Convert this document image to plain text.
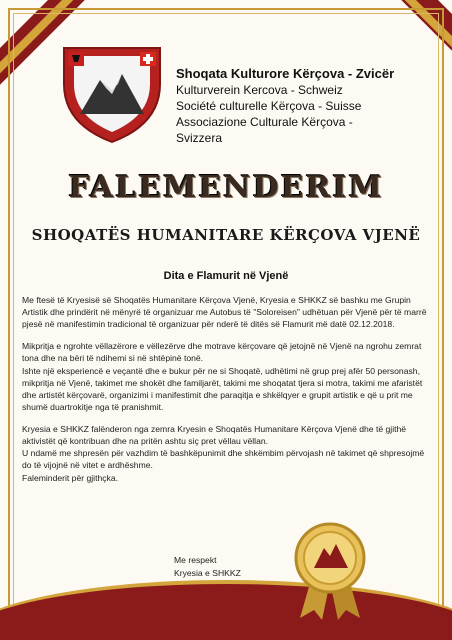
Shoqata Kulturore Kërçova - Zvicër
Kulturverein Kercova - Schweiz
Société culturelle Kërçova - Suisse
Associazione Culturale Kërçova - Svizzera
FALEMENDERIM
SHOQATËS HUMANITARE KËRÇOVA VJENË
Dita e Flamurit në Vjenë

Me ftesë të Kryesisë së Shoqatës Humanitare Kërçova Vjenë, Kryesia e SHKKZ së bashku me Grupin Artistik dhe prindërit në mënyrë të organizuar me Autobus të "Soloreisen" udhëtuan për Vjenë për të marrë pjesë në manifestimin tradicional të organizuar për nderë të ditës së Flamurit më datë 02.12.2018.

Mikpritja e ngrohte vëllazërore e vëllezërve dhe motrave kërçovare që jetojnë në Vjenë na ngrohu zemrat tona dhe na bëri të ndihemi si në shtëpinë tonë.
Ishte një eksperiencë e veçantë dhe e bukur për ne si Shoqatë, udhëtimi në grup prej afër 50 personash, mikpritja në Vjenë, takimet me shokët dhe familjarët, takimi me shoqatat tjera si motra, takimi me afaristët dhe artistët kërçovarë, organizimi i manifestimit dhe paraqitja e shkëlqyer e grupit artistik e që u prit me shumë duartrokitje nga të pranishmit.

Kryesia e SHKKZ falënderon nga zemra Kryesin e Shoqatës Humanitare Kërçova Vjenë dhe të gjithë aktivistët që kontribuan dhe na pritën ashtu siç pret vëllau vëllan.
U ndamë me shpresën për vazhdim të bashkëpunimit dhe shkëmbim përvojash në takimet që shpresojmë do të vijojnë në vitet e ardhëshme.
Faleminderit për gjithçka.

Me respekt
Kryesia e SHKKZ
